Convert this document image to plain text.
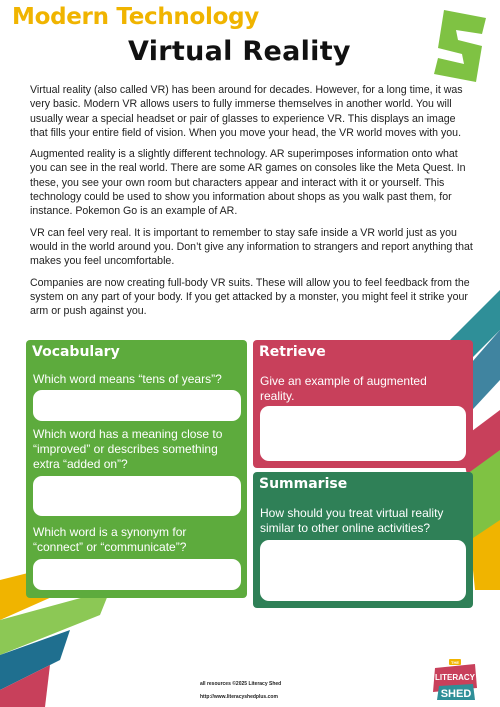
Modern Technology
Virtual Reality

Virtual reality (also called VR) has been around for decades. However, for a long time, it was very basic. Modern VR allows users to fully immerse themselves in another world. You will usually wear a special headset or pair of glasses to experience VR. This displays an image that fills your entire field of vision. When you move your head, the VR world moves with you.

Augmented reality is a slightly different technology. AR superimposes information onto what you can see in the real world. There are some AR games on consoles like the Meta Quest. In these, you see your own room but characters appear and interact with it or yourself. This technology could be used to show you information about shops as you walk past them, for instance. Pokemon Go is an example of AR.

VR can feel very real. It is important to remember to stay safe inside a VR world just as you would in the world around you. Don’t give any information to strangers and report anything that makes you feel uncomfortable.

Companies are now creating full-body VR suits. These will allow you to feel feedback from the system on any part of your body. If you get attacked by a monster, you might feel it strike your arm or push against you.

Vocabulary
Which word means “tens of years”?
Which word has a meaning close to “improved” or describes something extra “added on”?
Which word is a synonym for “connect” or “communicate”?
Retrieve
Give an example of augmented reality.
Summarise
How should you treat virtual reality similar to other online activities?
all resources ©2025 Literacy Shed
http://www.literacyshedplus.com
THE
LITERACY
SHED
